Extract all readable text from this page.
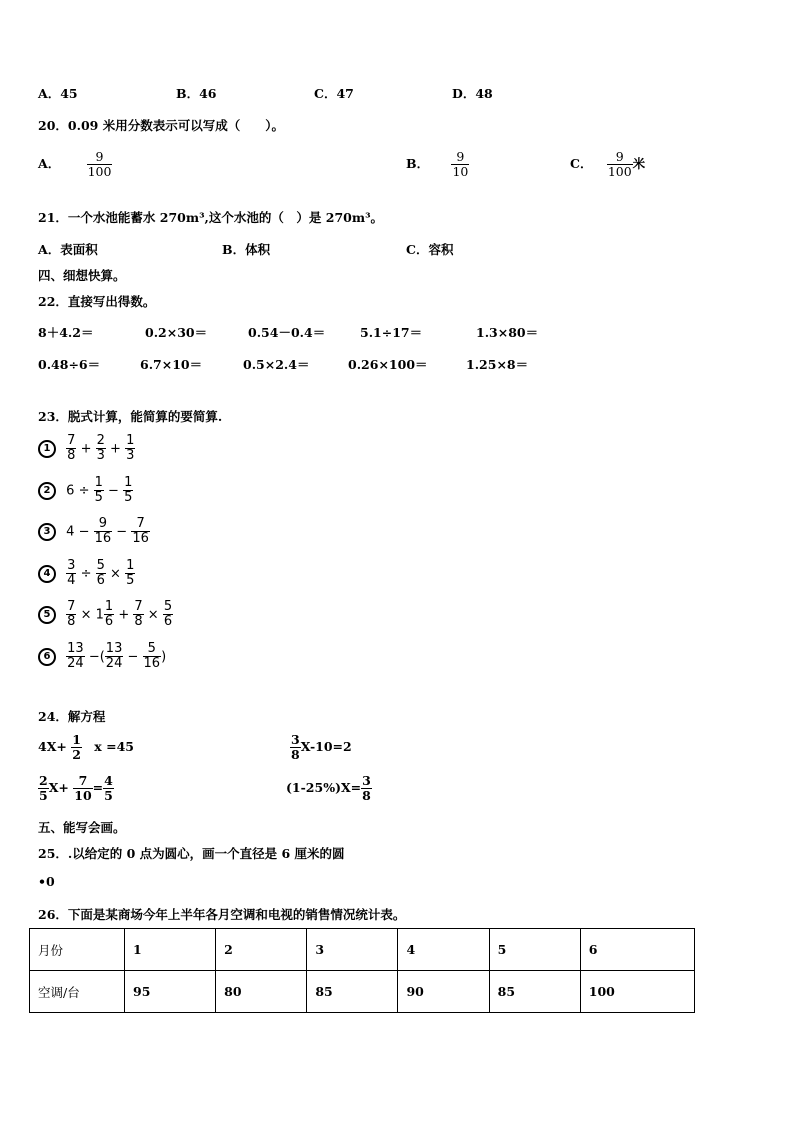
A．45	B．46	C．47	D．48
20．0.09 米用分数表示可以写成（　　）。
A． $\frac{9}{100}$	B． $\frac{9}{10}$	C． $\frac{9}{100}$ 米
21．一个水池能蓄水 270m³,这个水池的（　）是 270m³。
A．表面积	B．体积	C．容积
四、细想快算。
22．直接写出得数。
8＋4.2＝	0.2×30＝	0.54－0.4＝	5.1÷17＝	1.3×80＝
0.48÷6＝	6.7×10＝	0.5×2.4＝	0.26×100＝	1.25×8＝
23．脱式计算，能简算的要简算.
$1 \frac{7}{8} + \frac{2}{3} + \frac{1}{3}$
2 $6 \div \frac{1}{5} - \frac{1}{5}$
3 $4 - \frac{9}{16} - \frac{7}{16}$
$4 \frac{3}{4} \div \frac{5}{6} \times \frac{1}{5}$
$5 \frac{7}{8} \times 1 \frac{1}{6} + \frac{7}{8} \times \frac{5}{6}$
$6 \frac{13}{24}$ −( $\frac{13}{24} - \frac{5}{16}$ )
24．解方程
$4X+ \frac{1}{2}$ x =45	$\frac{3}{8} X-10=2$
$\frac{2}{5} X+ \frac{7}{10} = \frac{4}{5}$	$(1-25\%)X= \frac{3}{8}$
五、能写会画。
25．.以给定的 0 点为圆心，画一个直径是 6 厘米的圆
•0
26．下面是某商场今年上半年各月空调和电视的销售情况统计表。
月份	1	2	3	4	5	6
空调/台	95	80	85	90	85	100
